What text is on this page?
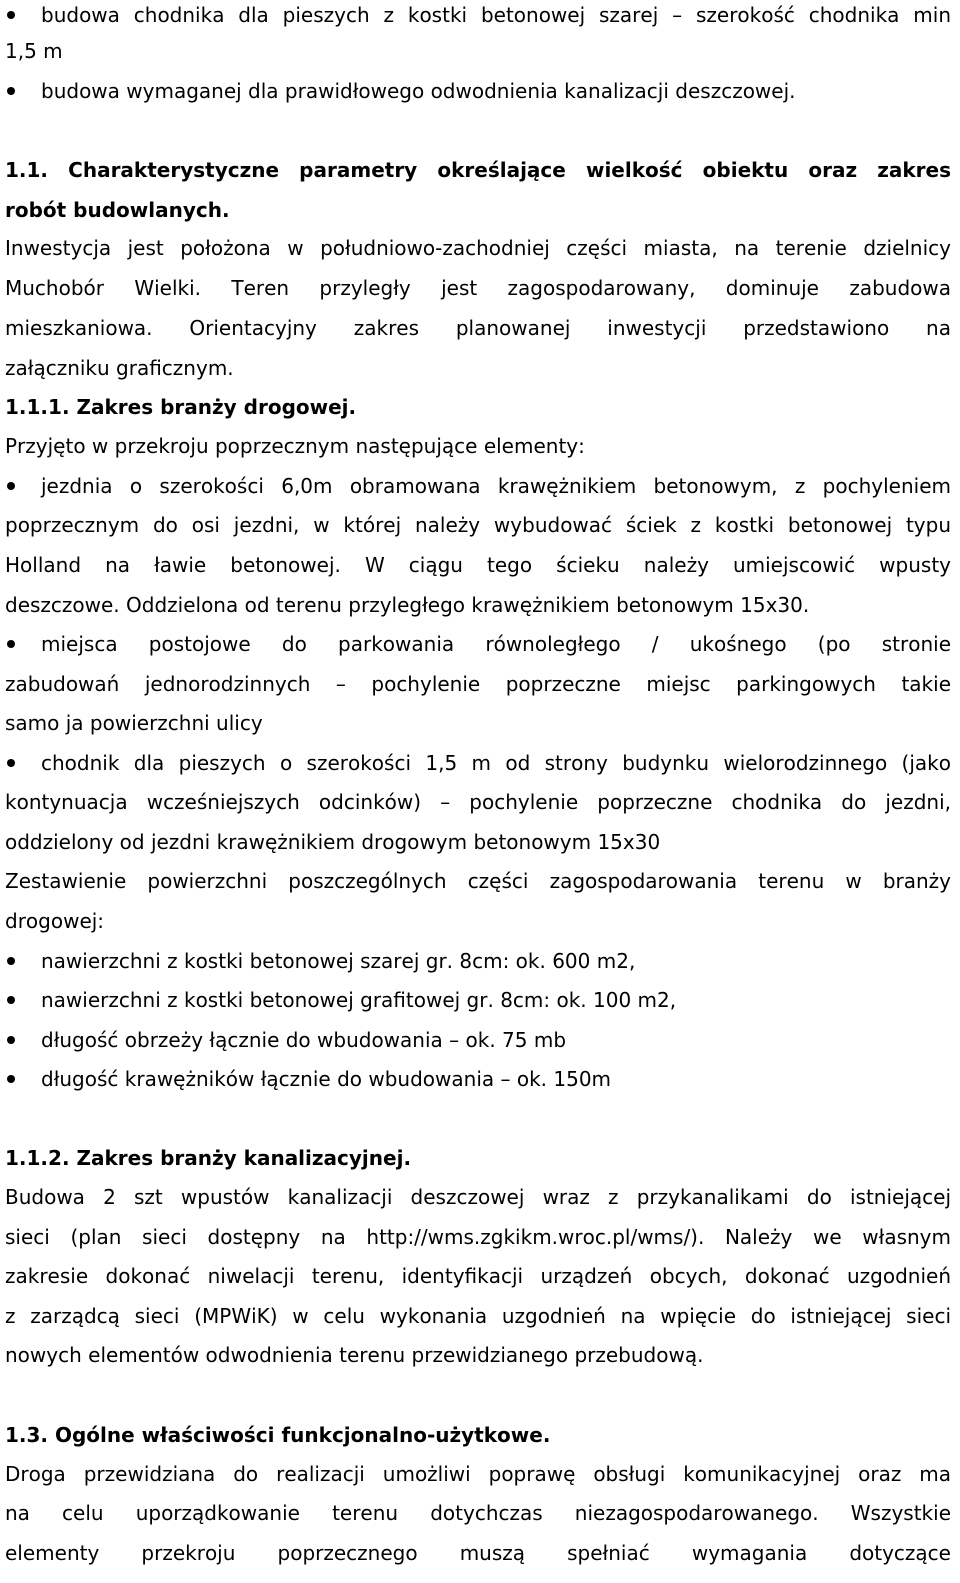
budowa chodnika dla pieszych z kostki betonowej szarej – szerokość chodnika min
1,5 m
budowa wymaganej dla prawidłowego odwodnienia kanalizacji deszczowej.
1.1. Charakterystyczne parametry określające wielkość obiektu oraz zakres
robót budowlanych.
Inwestycja jest położona w południowo-zachodniej części miasta, na terenie dzielnicy
Muchobór Wielki. Teren przyległy jest zagospodarowany, dominuje zabudowa
mieszkaniowa. Orientacyjny zakres planowanej inwestycji przedstawiono na
załączniku graficznym.
1.1.1. Zakres branży drogowej.
Przyjęto w przekroju poprzecznym następujące elementy:
jezdnia o szerokości 6,0m obramowana krawężnikiem betonowym, z pochyleniem
poprzecznym do osi jezdni, w której należy wybudować ściek z kostki betonowej typu
Holland na ławie betonowej. W ciągu tego ścieku należy umiejscowić wpusty
deszczowe. Oddzielona od terenu przyległego krawężnikiem betonowym 15x30.
miejsca postojowe do parkowania równoległego / ukośnego (po stronie
zabudowań jednorodzinnych – pochylenie poprzeczne miejsc parkingowych takie
samo ja powierzchni ulicy
chodnik dla pieszych o szerokości 1,5 m od strony budynku wielorodzinnego (jako
kontynuacja wcześniejszych odcinków) – pochylenie poprzeczne chodnika do jezdni,
oddzielony od jezdni krawężnikiem drogowym betonowym 15x30
Zestawienie powierzchni poszczególnych części zagospodarowania terenu w branży
drogowej:
nawierzchni z kostki betonowej szarej gr. 8cm: ok. 600 m2,
nawierzchni z kostki betonowej grafitowej gr. 8cm: ok. 100 m2,
długość obrzeży łącznie do wbudowania – ok. 75 mb
długość krawężników łącznie do wbudowania – ok. 150m
1.1.2. Zakres branży kanalizacyjnej.
Budowa 2 szt wpustów kanalizacji deszczowej wraz z przykanalikami do istniejącej
sieci (plan sieci dostępny na http://wms.zgkikm.wroc.pl/wms/). Należy we własnym
zakresie dokonać niwelacji terenu, identyfikacji urządzeń obcych, dokonać uzgodnień
z zarządcą sieci (MPWiK) w celu wykonania uzgodnień na wpięcie do istniejącej sieci
nowych elementów odwodnienia terenu przewidzianego przebudową.
1.3. Ogólne właściwości funkcjonalno-użytkowe.
Droga przewidziana do realizacji umożliwi poprawę obsługi komunikacyjnej oraz ma
na celu uporządkowanie terenu dotychczas niezagospodarowanego. Wszystkie
elementy przekroju poprzecznego muszą spełniać wymagania dotyczące
